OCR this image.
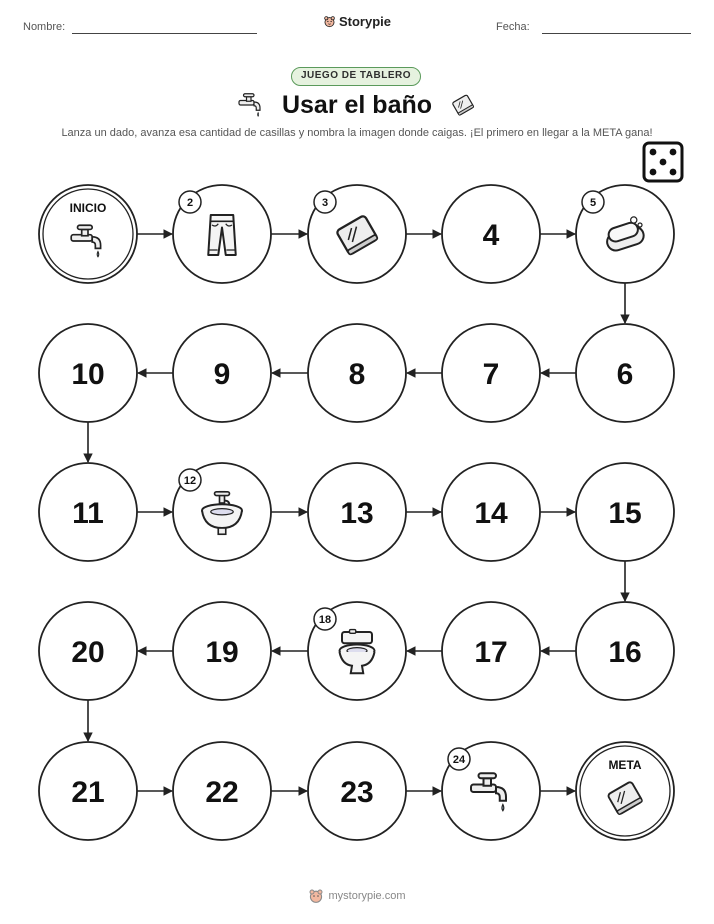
Nombre:	Storypie	Fecha:
JUEGO DE TABLERO
Usar el baño
Lanza un dado, avanza esa cantidad de casillas y nombra la imagen donde caigas. ¡El primero en llegar a la META gana!
INICIO	2	3
4
5
6
7
8
9
10
11
12
13	14	15
16
17
18
19
20
21	22	23
24	META
mystorypie.com
